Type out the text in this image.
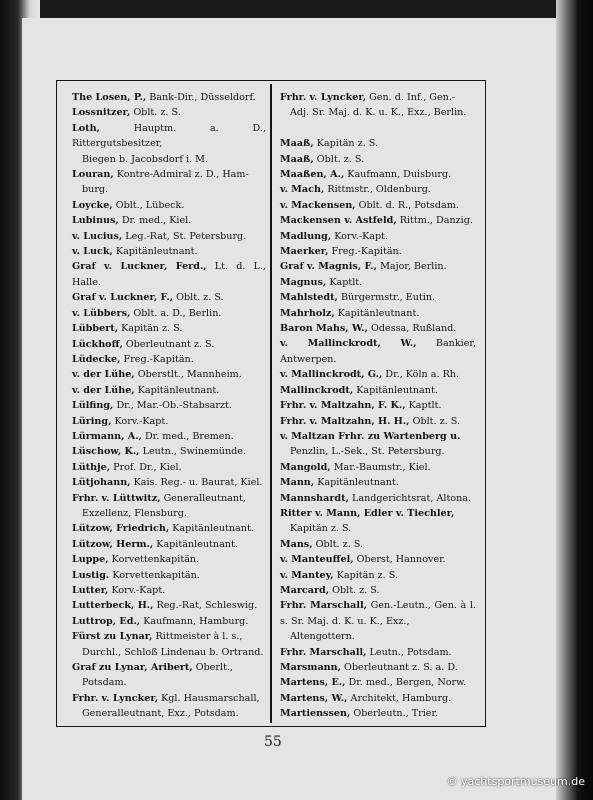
The Losen, P., Bank-Dir., Düsseldorf.
Lossnitzer, Oblt. z. S.
Loth,	Hauptm. a. D., Rittergutsbesitzer,
Biegen b. Jacobsdorf i. M.
Louran, Kontre-Admiral z. D., Ham-
burg.
Loycke, Oblt., Lübeck.
Lubinus, Dr. med., Kiel.
v. Lucius, Leg.-Rat, St. Petersburg.
v. Luck, Kapitänleutnant.
Graf v. Luckner, Ferd., Lt. d. L., Halle.
Graf v. Luckner, F., Oblt. z. S.
v. Lübbers, Oblt. a. D., Berlin.
Lübbert, Kapitän z. S.
Lückhoff, Oberleutnant z. S.
Lüdecke, Freg.-Kapitän.
v. der Lühe, Oberstlt., Mannheim.
v. der Lühe, Kapitänleutnant.
Lülfing, Dr., Mar.-Ob.-Stabsarzt.
Lüring, Korv.-Kapt.
Lürmann, A., Dr. med., Bremen.
Lüschow, K., Leutn., Swinemünde.
Lüthje, Prof. Dr., Kiel.
Lütjohann, Kais. Reg.- u. Baurat, Kiel.
Frhr. v. Lüttwitz, Generalleutnant,
Exzellenz, Flensburg.
Lützow, Friedrich, Kapitänleutnant.
Lützow, Herm., Kapitänleutnant.
Luppe, Korvettenkapitän.
Lustig. Korvettenkapitän.
Lutter, Korv.-Kapt.
Lutterbeck, H., Reg.-Rat, Schleswig.
Luttrop, Ed., Kaufmann, Hamburg.
Fürst zu Lynar, Rittmeister à l. s.,
Durchl., Schloß Lindenau b. Ortrand.
Graf zu Lynar, Aribert, Oberlt.,
Potsdam.
Frhr. v. Lyncker, Kgl. Hausmarschall,
Generalleutnant, Exz., Potsdam.
Frhr. v. Lyncker, Gen. d. Inf., Gen.-
Adj. Sr. Maj. d. K. u. K., Exz., Berlin.
Maaß, Kapitän z. S.
Maaß, Oblt. z. S.
Maaßen, A., Kaufmann, Duisburg.
v. Mach, Rittmstr., Oldenburg.
v. Mackensen, Oblt. d. R., Potsdam.
Mackensen v. Astfeld, Rittm., Danzig.
Madlung, Korv.-Kapt.
Maerker, Freg.-Kapitän.
Graf v. Magnis, F., Major, Berlin.
Magnus, Kaptlt.
Mahlstedt, Bürgermstr., Eutin.
Mahrholz, Kapitänleutnant.
Baron Mahs, W., Odessa, Rußland.
v. Mallinckrodt, W., Bankier, Antwerpen.
v. Mallinckrodt, G., Dr., Köln a. Rh.
Mallinckrodt, Kapitänleutnant.
Frhr. v. Maltzahn, F. K., Kaptlt.
Frhr. v. Maltzahn, H. H., Oblt. z. S.
v. Maltzan Frhr. zu Wartenberg u.
Penzlin, L.-Sek., St. Petersburg.
Mangold, Mar.-Baumstr., Kiel.
Mann, Kapitänleutnant.
Mannshardt, Landgerichtsrat, Altona.
Ritter v. Mann, Edler v. Tiechler,
Kapitän z. S.
Mans, Oblt. z. S.
v. Manteuffel, Oberst, Hannover.
v. Mantey, Kapitän z. S.
Marcard, Oblt. z. S.
Frhr. Marschall, Gen.-Leutn., Gen. à l. s. Sr. Maj. d. K. u. K., Exz.,
Altengottern.
Frhr. Marschall, Leutn., Potsdam.
Marsmann, Oberleutnant z. S. a. D.
Martens, E., Dr. med., Bergen, Norw.
Martens, W., Architekt, Hamburg.
Martienssen, Oberleutn., Trier.
55
© yachtsportmuseum.de
